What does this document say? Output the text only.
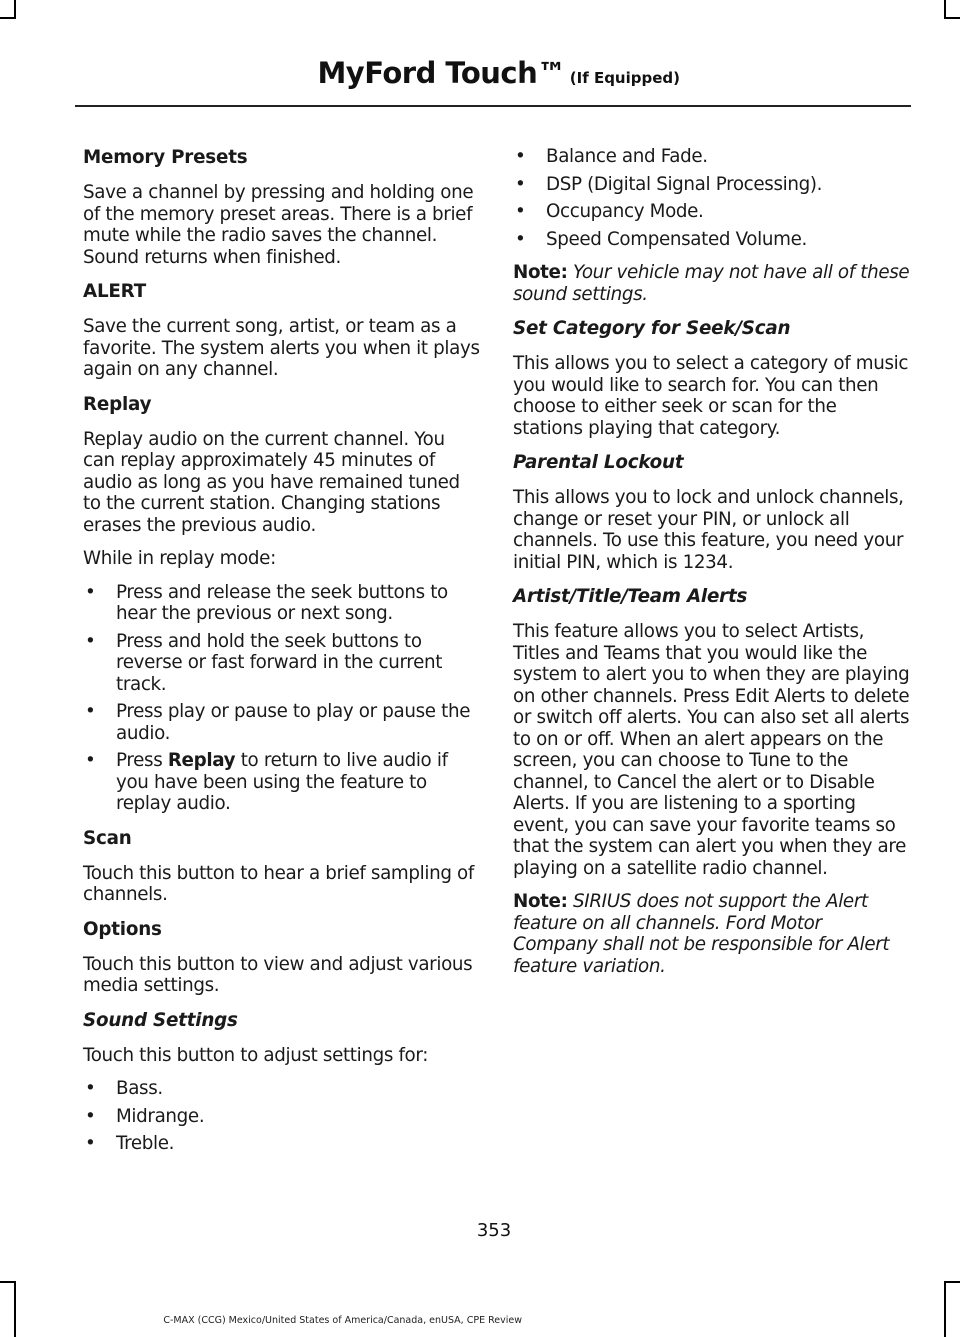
MyFord Touch™ (If Equipped)
Memory Presets

Save a channel by pressing and holding one of the memory preset areas. There is a brief mute while the radio saves the channel. Sound returns when finished.

ALERT

Save the current song, artist, or team as a favorite. The system alerts you when it plays again on any channel.

Replay

Replay audio on the current channel. You can replay approximately 45 minutes of audio as long as you have remained tuned to the current station. Changing stations erases the previous audio.

While in replay mode:

• Press and release the seek buttons to hear the previous or next song.
• Press and hold the seek buttons to reverse or fast forward in the current track.
• Press play or pause to play or pause the audio.
• Press Replay to return to live audio if you have been using the feature to replay audio.
Scan

Touch this button to hear a brief sampling of channels.

Options

Touch this button to view and adjust various media settings.

Sound Settings

Touch this button to adjust settings for:

• Bass.
• Midrange.
• Treble.
• Balance and Fade.
• DSP (Digital Signal Processing).
• Occupancy Mode.
• Speed Compensated Volume.

Note: Your vehicle may not have all of these sound settings.

Set Category for Seek/Scan

This allows you to select a category of music you would like to search for. You can then choose to either seek or scan for the stations playing that category.

Parental Lockout

This allows you to lock and unlock channels, change or reset your PIN, or unlock all channels. To use this feature, you need your initial PIN, which is 1234.

Artist/Title/Team Alerts

This feature allows you to select Artists, Titles and Teams that you would like the system to alert you to when they are playing on other channels. Press Edit Alerts to delete or switch off alerts. You can also set all alerts to on or off. When an alert appears on the screen, you can choose to Tune to the channel, to Cancel the alert or to Disable Alerts. If you are listening to a sporting event, you can save your favorite teams so that the system can alert you when they are playing on a satellite radio channel.

Note: SIRIUS does not support the Alert feature on all channels. Ford Motor Company shall not be responsible for Alert feature variation.

353
C-MAX (CCG) Mexico/United States of America/Canada, enUSA, CPE Review
